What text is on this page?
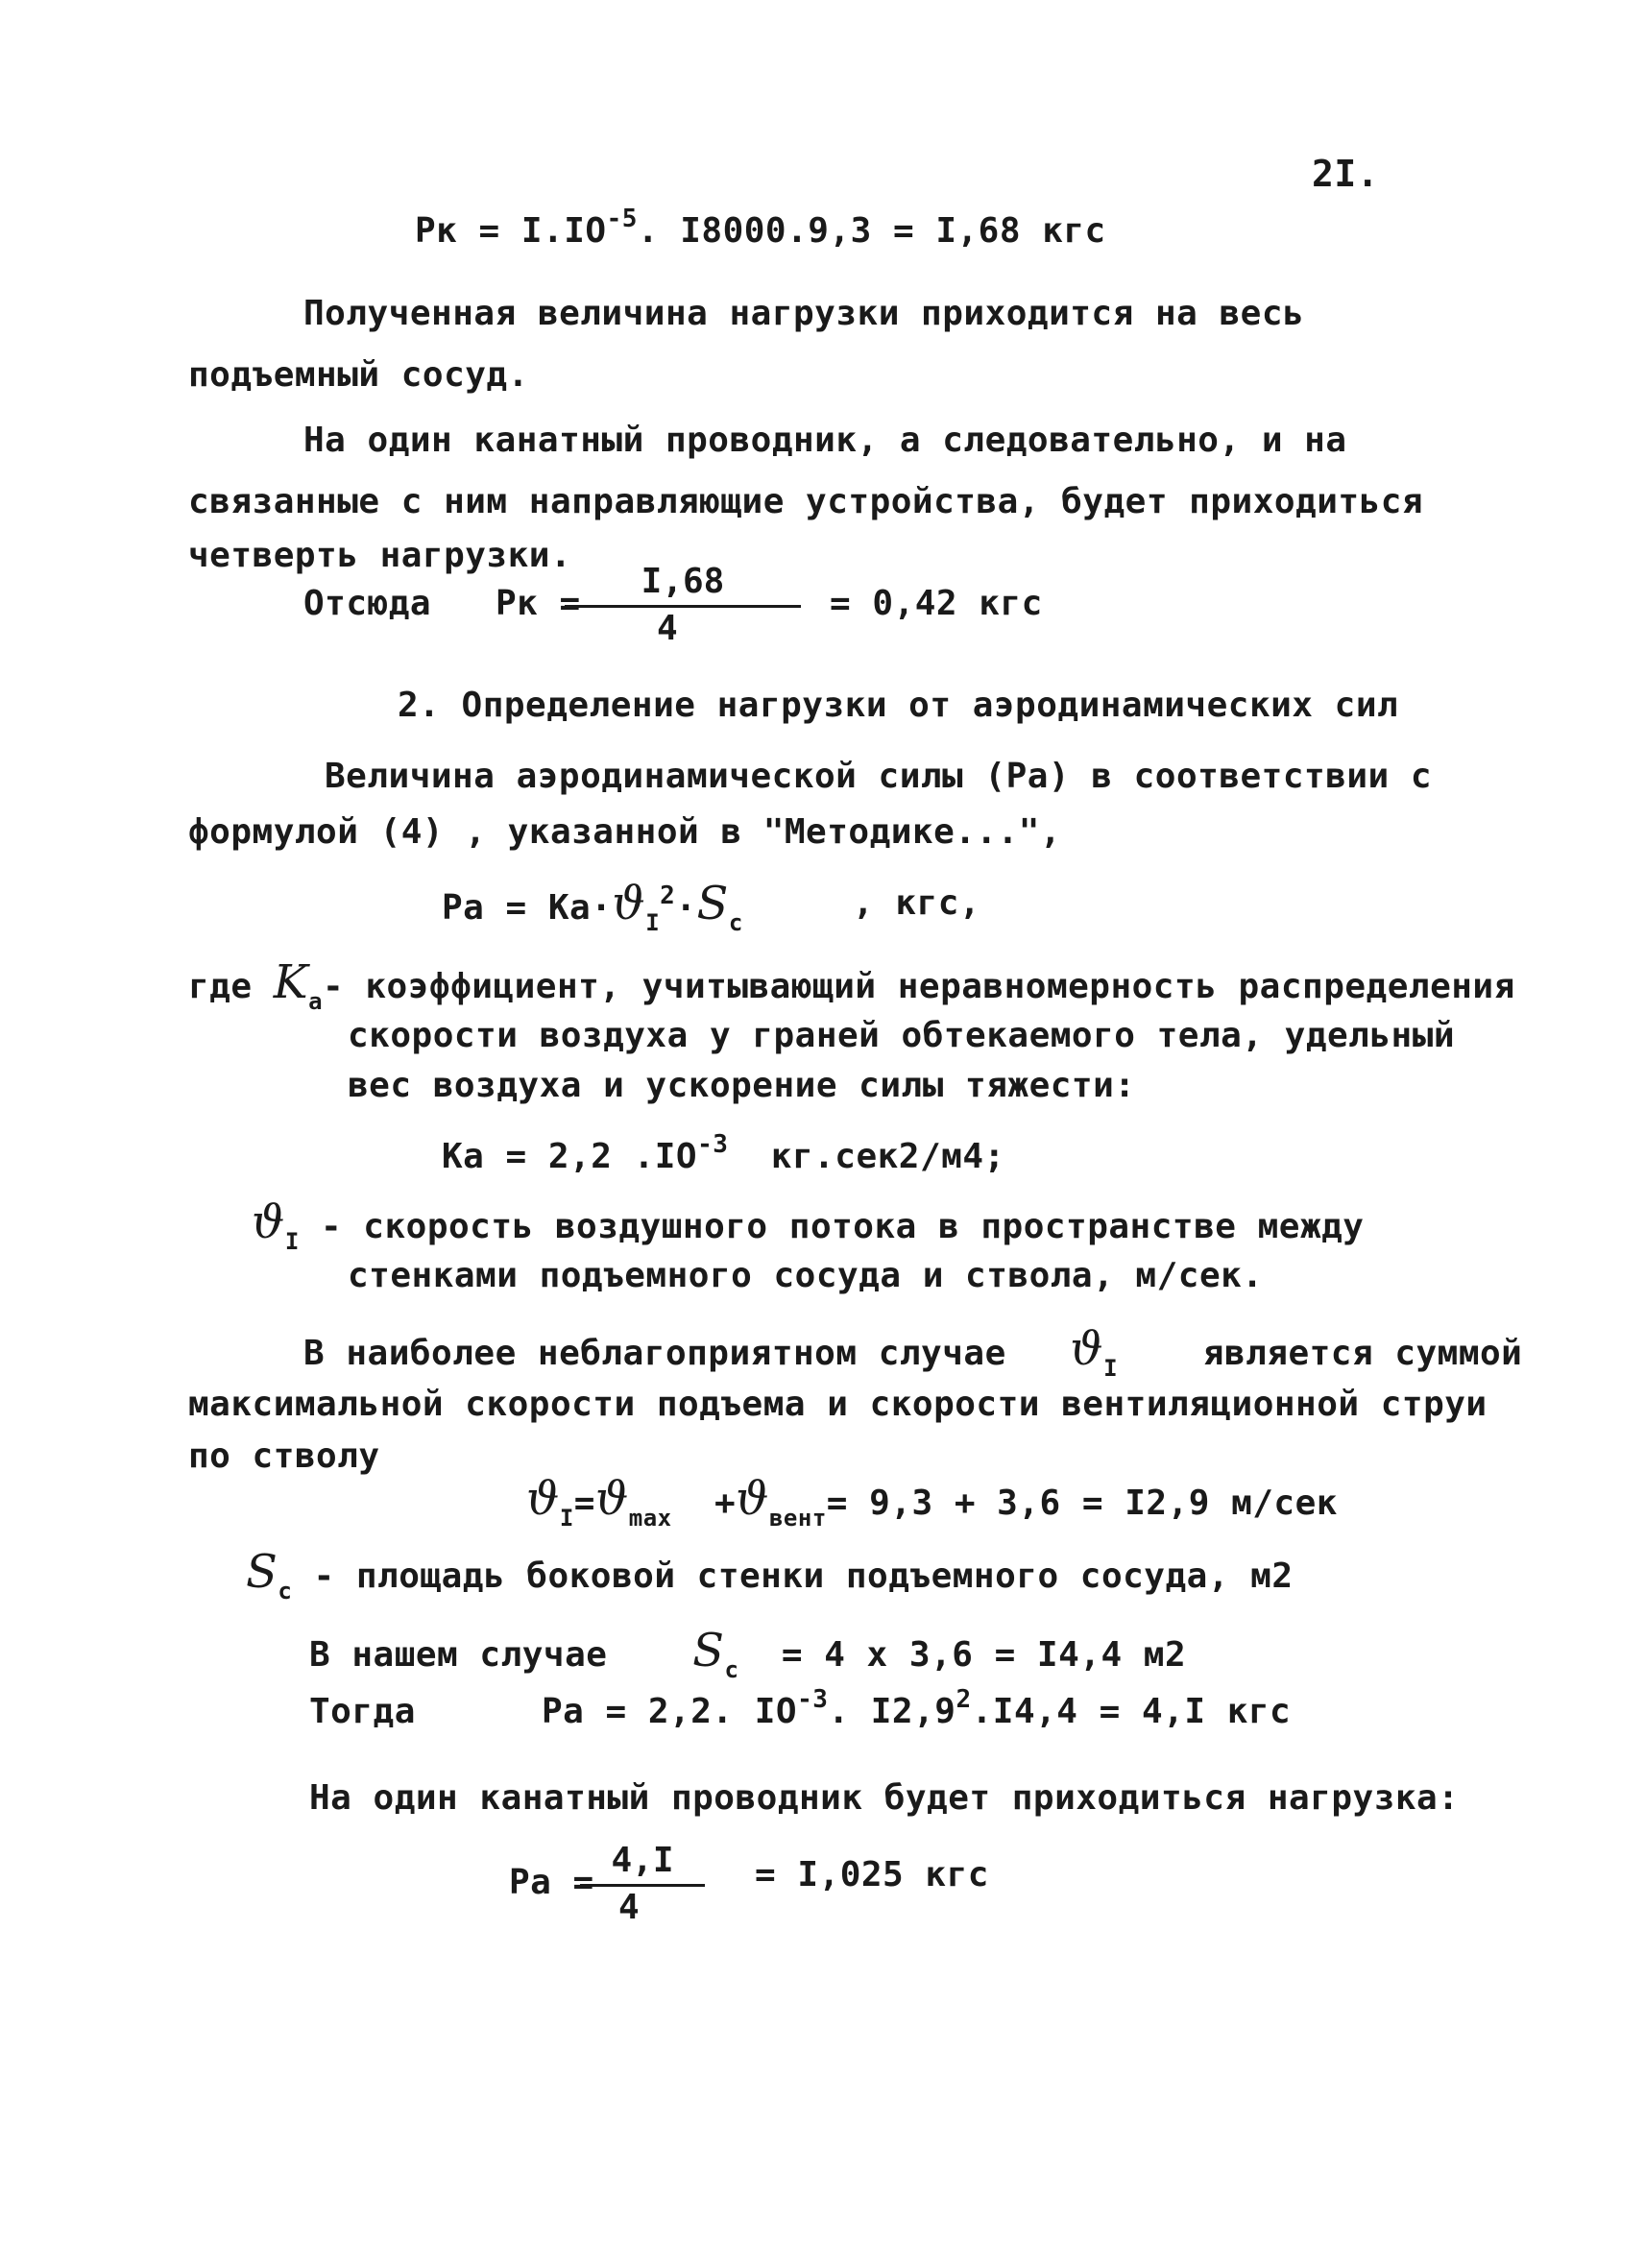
2I.
Рк = $I.IO^{-5}$. I8000.9,3 = I,68 кгс
Полученная величина нагрузки приходится на весь
подъемный сосуд.
На один канатный проводник, а следовательно, и на
связанные с ним направляющие устройства, будет приходиться
четверть нагрузки.
Отсюда Рк =
$\frac{I,68}{4} = 0,42$ кгс
2. Определение нагрузки от аэродинамических сил
Величина аэродинамической силы (Ра) в соответствии с
формулой (4) , указанной в "Методике...",
Ра = $Ка\cdot ϑ_I^2\cdot S_c$	, кгс,
где $K_a-$ коэффициент, учитывающий неравномерность распределения
скорости воздуха у граней обтекаемого тела, удельный
вес воздуха и ускорение силы тяжести:
Ка = 2,2 $.IO^{-3}$ кг.сек2/м4;
$ϑ_I$ - скорость воздушного потока в пространстве между
стенками подъемного сосуда и ствола, м/сек.
В наиболее неблагоприятном случае $ϑ_I$ является суммой
максимальной скорости подъема и скорости вентиляционной струи
по стволу
$ϑ_I=ϑ_{max} +ϑ_{вент}= 9,3 + 3,6 = I2,9$ м/сек
$S_c$ - площадь боковой стенки подъемного сосуда, м2
В нашем случае $S_c = 4$ х 3,6 = I4,4 м2
Тогда	Ра = 2,2. $IO^{-3}$. $I2,9^2.I4,4 = 4,I$ кгс
На один канатный проводник будет приходиться нагрузка:
Ра =
$\frac{4,I}{4} = I,025$ кгс
